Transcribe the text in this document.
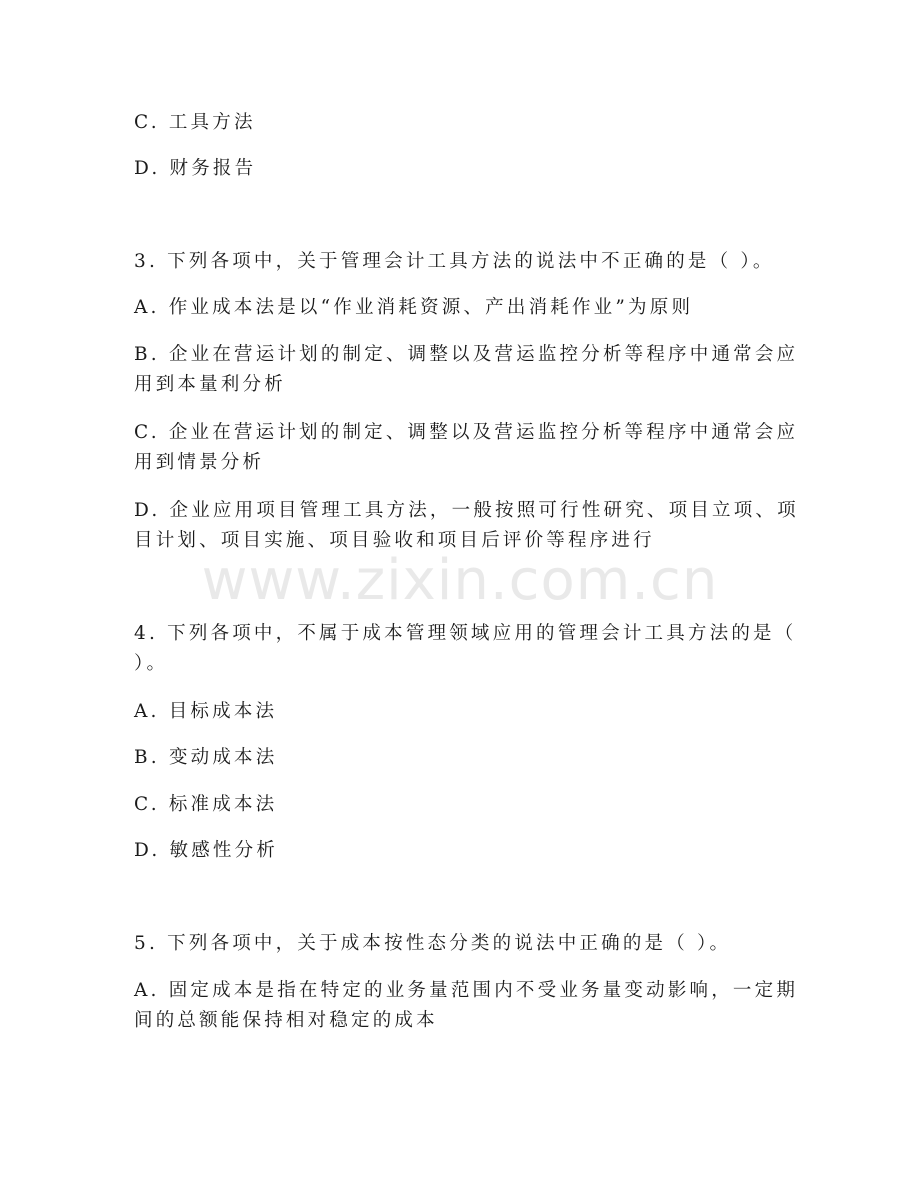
C. 工具方法
D. 财务报告
3. 下列各项中，关于管理会计工具方法的说法中不正确的是（ ）。
A. 作业成本法是以“作业消耗资源、产出消耗作业”为原则
B. 企业在营运计划的制定、调整以及营运监控分析等程序中通常会应
用到本量利分析
C. 企业在营运计划的制定、调整以及营运监控分析等程序中通常会应
用到情景分析
D. 企业应用项目管理工具方法，一般按照可行性研究、项目立项、项
目计划、项目实施、项目验收和项目后评价等程序进行
www.zixin.com.cn
4. 下列各项中，不属于成本管理领域应用的管理会计工具方法的是（
）。
A. 目标成本法
B. 变动成本法
C. 标准成本法
D. 敏感性分析
5. 下列各项中，关于成本按性态分类的说法中正确的是（ ）。
A. 固定成本是指在特定的业务量范围内不受业务量变动影响，一定期
间的总额能保持相对稳定的成本
